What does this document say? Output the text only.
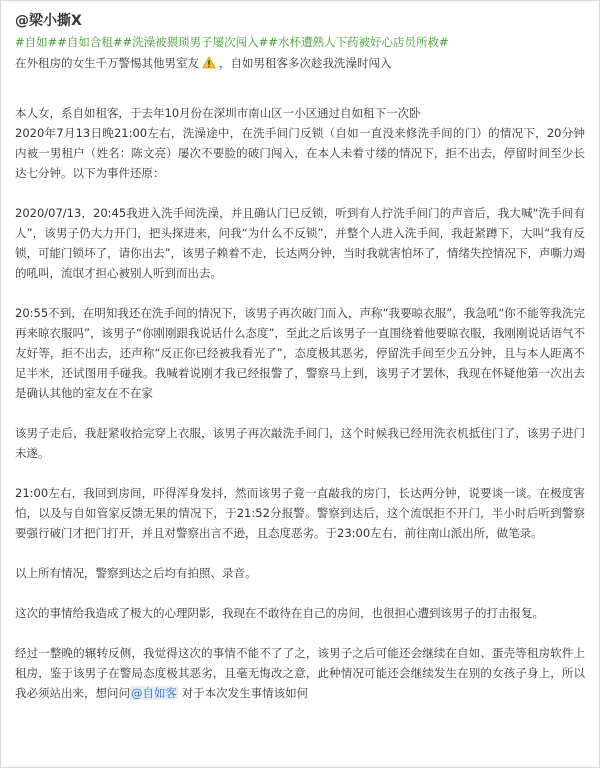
@梁小撕X
#自如##自如合租##洗澡被猥琐男子屡次闯入##水杯遭熟人下药被好心店员所救#
在外租房的女生千万警惕其他男室友 ，自如男租客多次趁我洗澡时闯入

本人女，系自如租客，于去年10月份在深圳市南山区一小区通过自如租下一次卧

2020年7月13日晚21:00左右，洗澡途中，在洗手间门反锁（自如一直没来修洗手间的门）的情况下，20分钟内被一男租户（姓名：陈文亮）屡次不要脸的破门闯入，在本人未着寸缕的情况下，拒不出去，停留时间至少长达七分钟。以下为事件还原：

2020/07/13，20:45我进入洗手间洗澡，并且确认门已反锁，听到有人拧洗手间门的声音后，我大喊“洗手间有人”，该男子仍大力开门，把头探进来，问我“为什么不反锁”，并整个人进入洗手间，我赶紧蹲下，大叫“我有反锁，可能门锁坏了，请你出去”，该男子赖着不走，长达两分钟，当时我就害怕坏了，情绪失控情况下，声嘶力竭的吼叫，流氓才担心被别人听到而出去。

20:55不到，在明知我还在洗手间的情况下，该男子再次破门而入，声称“我要晾衣服”，我急吼“你不能等我洗完再来晾衣服吗”，该男子“你刚刚跟我说话什么态度”，至此之后该男子一直围绕着他要晾衣服，我刚刚说话语气不友好等，拒不出去，还声称“反正你已经被我看光了”，态度极其恶劣，停留洗手间至少五分钟，且与本人距离不足半米，还试图用手碰我。我喊着说刚才我已经报警了，警察马上到，该男子才罢休，我现在怀疑他第一次出去是确认其他的室友在不在家

该男子走后，我赶紧收拾完穿上衣服，该男子再次敲洗手间门，这个时候我已经用洗衣机抵住门了，该男子进门未遂。

21:00左右，我回到房间，吓得浑身发抖，然而该男子竟一直敲我的房门，长达两分钟，说要谈一谈。在极度害怕，以及与自如管家反馈无果的情况下，于21:52分报警。警察到达后，这个流氓拒不开门，半小时后听到警察要强行破门才把门打开，并且对警察出言不逊，且态度恶劣。于23:00左右，前往南山派出所，做笔录。

以上所有情况，警察到达之后均有拍照、录音。

这次的事情给我造成了极大的心理阴影，我现在不敢待在自己的房间，也很担心遭到该男子的打击报复。

经过一整晚的辗转反侧，我觉得这次的事情不能不了了之，该男子之后可能还会继续在自如、蛋壳等租房软件上租房，鉴于该男子在警局态度极其恶劣，且毫无悔改之意，此种情况可能还会继续发生在别的女孩子身上，所以我必须站出来，想问问@自如客 对于本次发生事情该如何
